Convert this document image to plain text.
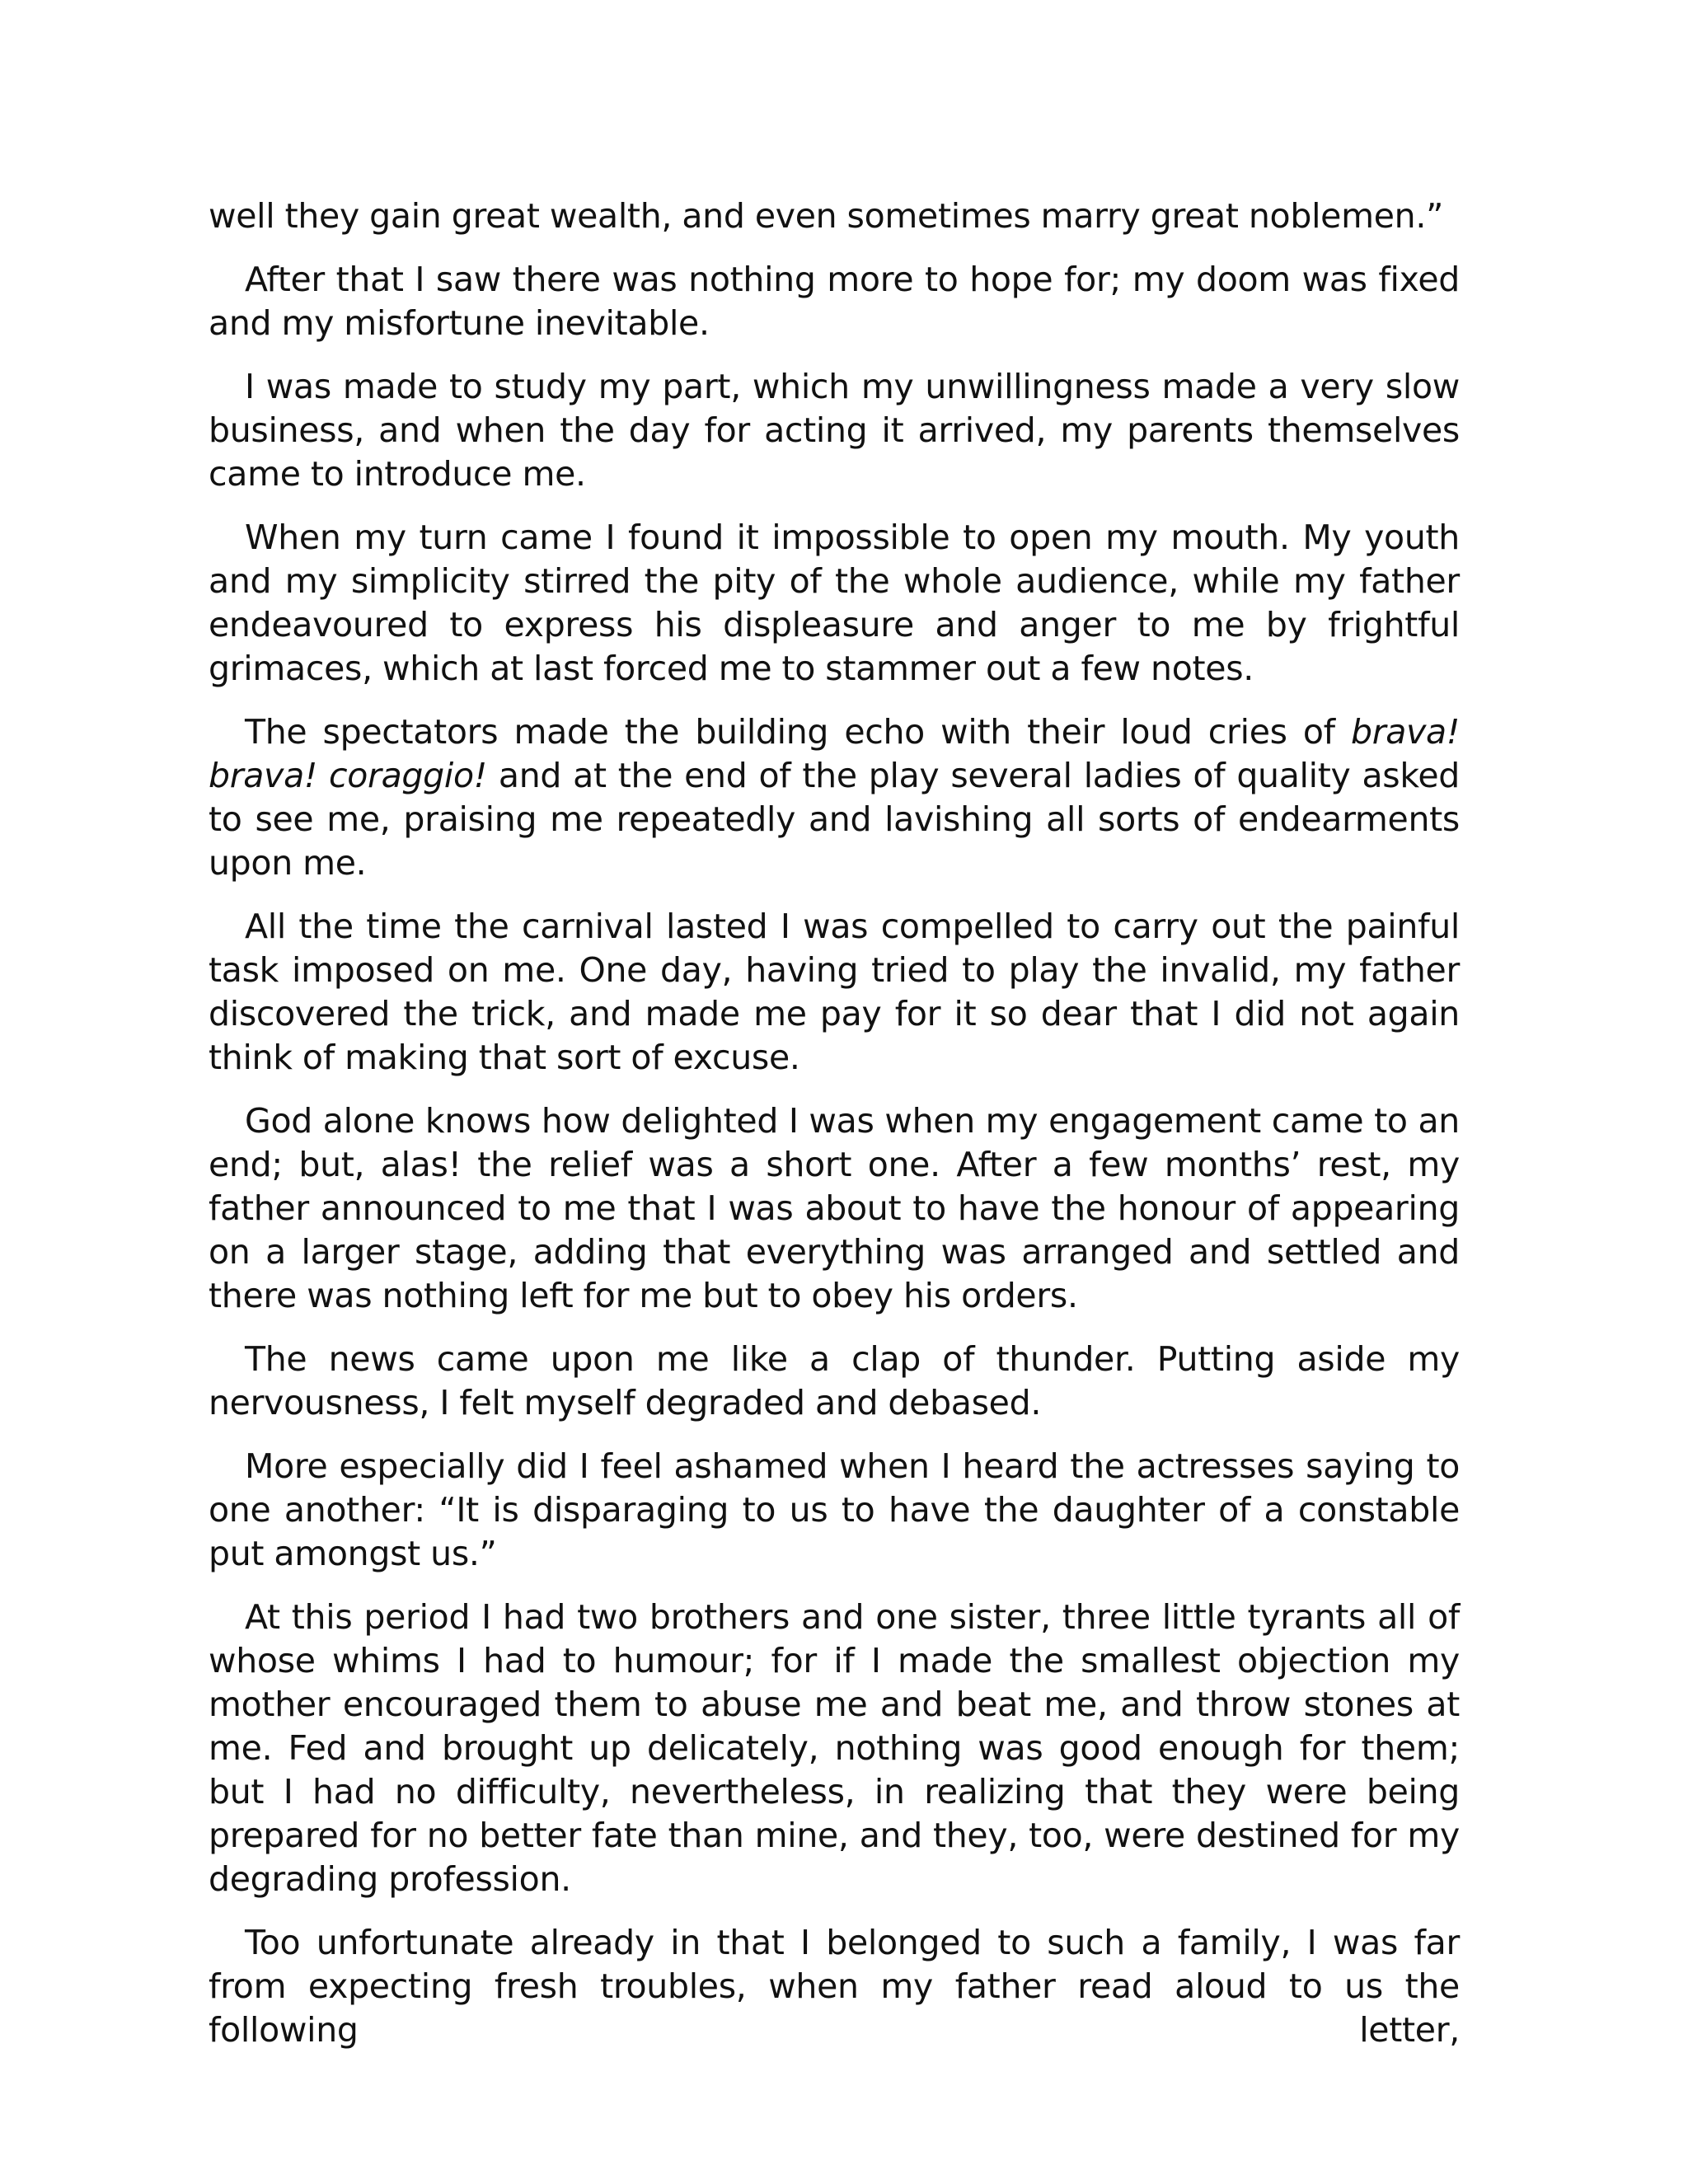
well they gain great wealth, and even sometimes marry great noblemen.”

After that I saw there was nothing more to hope for; my doom was fixed and my misfortune inevitable.

I was made to study my part, which my unwillingness made a very slow business, and when the day for acting it arrived, my parents themselves came to introduce me.

When my turn came I found it impossible to open my mouth. My youth and my simplicity stirred the pity of the whole audience, while my father endeavoured to express his displeasure and anger to me by frightful grimaces, which at last forced me to stammer out a few notes.

The spectators made the building echo with their loud cries of brava! brava! coraggio! and at the end of the play several ladies of quality asked to see me, praising me repeatedly and lavishing all sorts of endearments upon me.

All the time the carnival lasted I was compelled to carry out the painful task imposed on me. One day, having tried to play the invalid, my father discovered the trick, and made me pay for it so dear that I did not again think of making that sort of excuse.

God alone knows how delighted I was when my engagement came to an end; but, alas! the relief was a short one. After a few months’ rest, my father announced to me that I was about to have the honour of appearing on a larger stage, adding that everything was arranged and settled and there was nothing left for me but to obey his orders.

The news came upon me like a clap of thunder. Putting aside my nervousness, I felt myself degraded and debased.

More especially did I feel ashamed when I heard the actresses saying to one another: “It is disparaging to us to have the daughter of a constable put amongst us.”

At this period I had two brothers and one sister, three little tyrants all of whose whims I had to humour; for if I made the smallest objection my mother encouraged them to abuse me and beat me, and throw stones at me. Fed and brought up delicately, nothing was good enough for them; but I had no difficulty, nevertheless, in realizing that they were being prepared for no better fate than mine, and they, too, were destined for my degrading profession.

Too unfortunate already in that I belonged to such a family, I was far from expecting fresh troubles, when my father read aloud to us the following letter,
